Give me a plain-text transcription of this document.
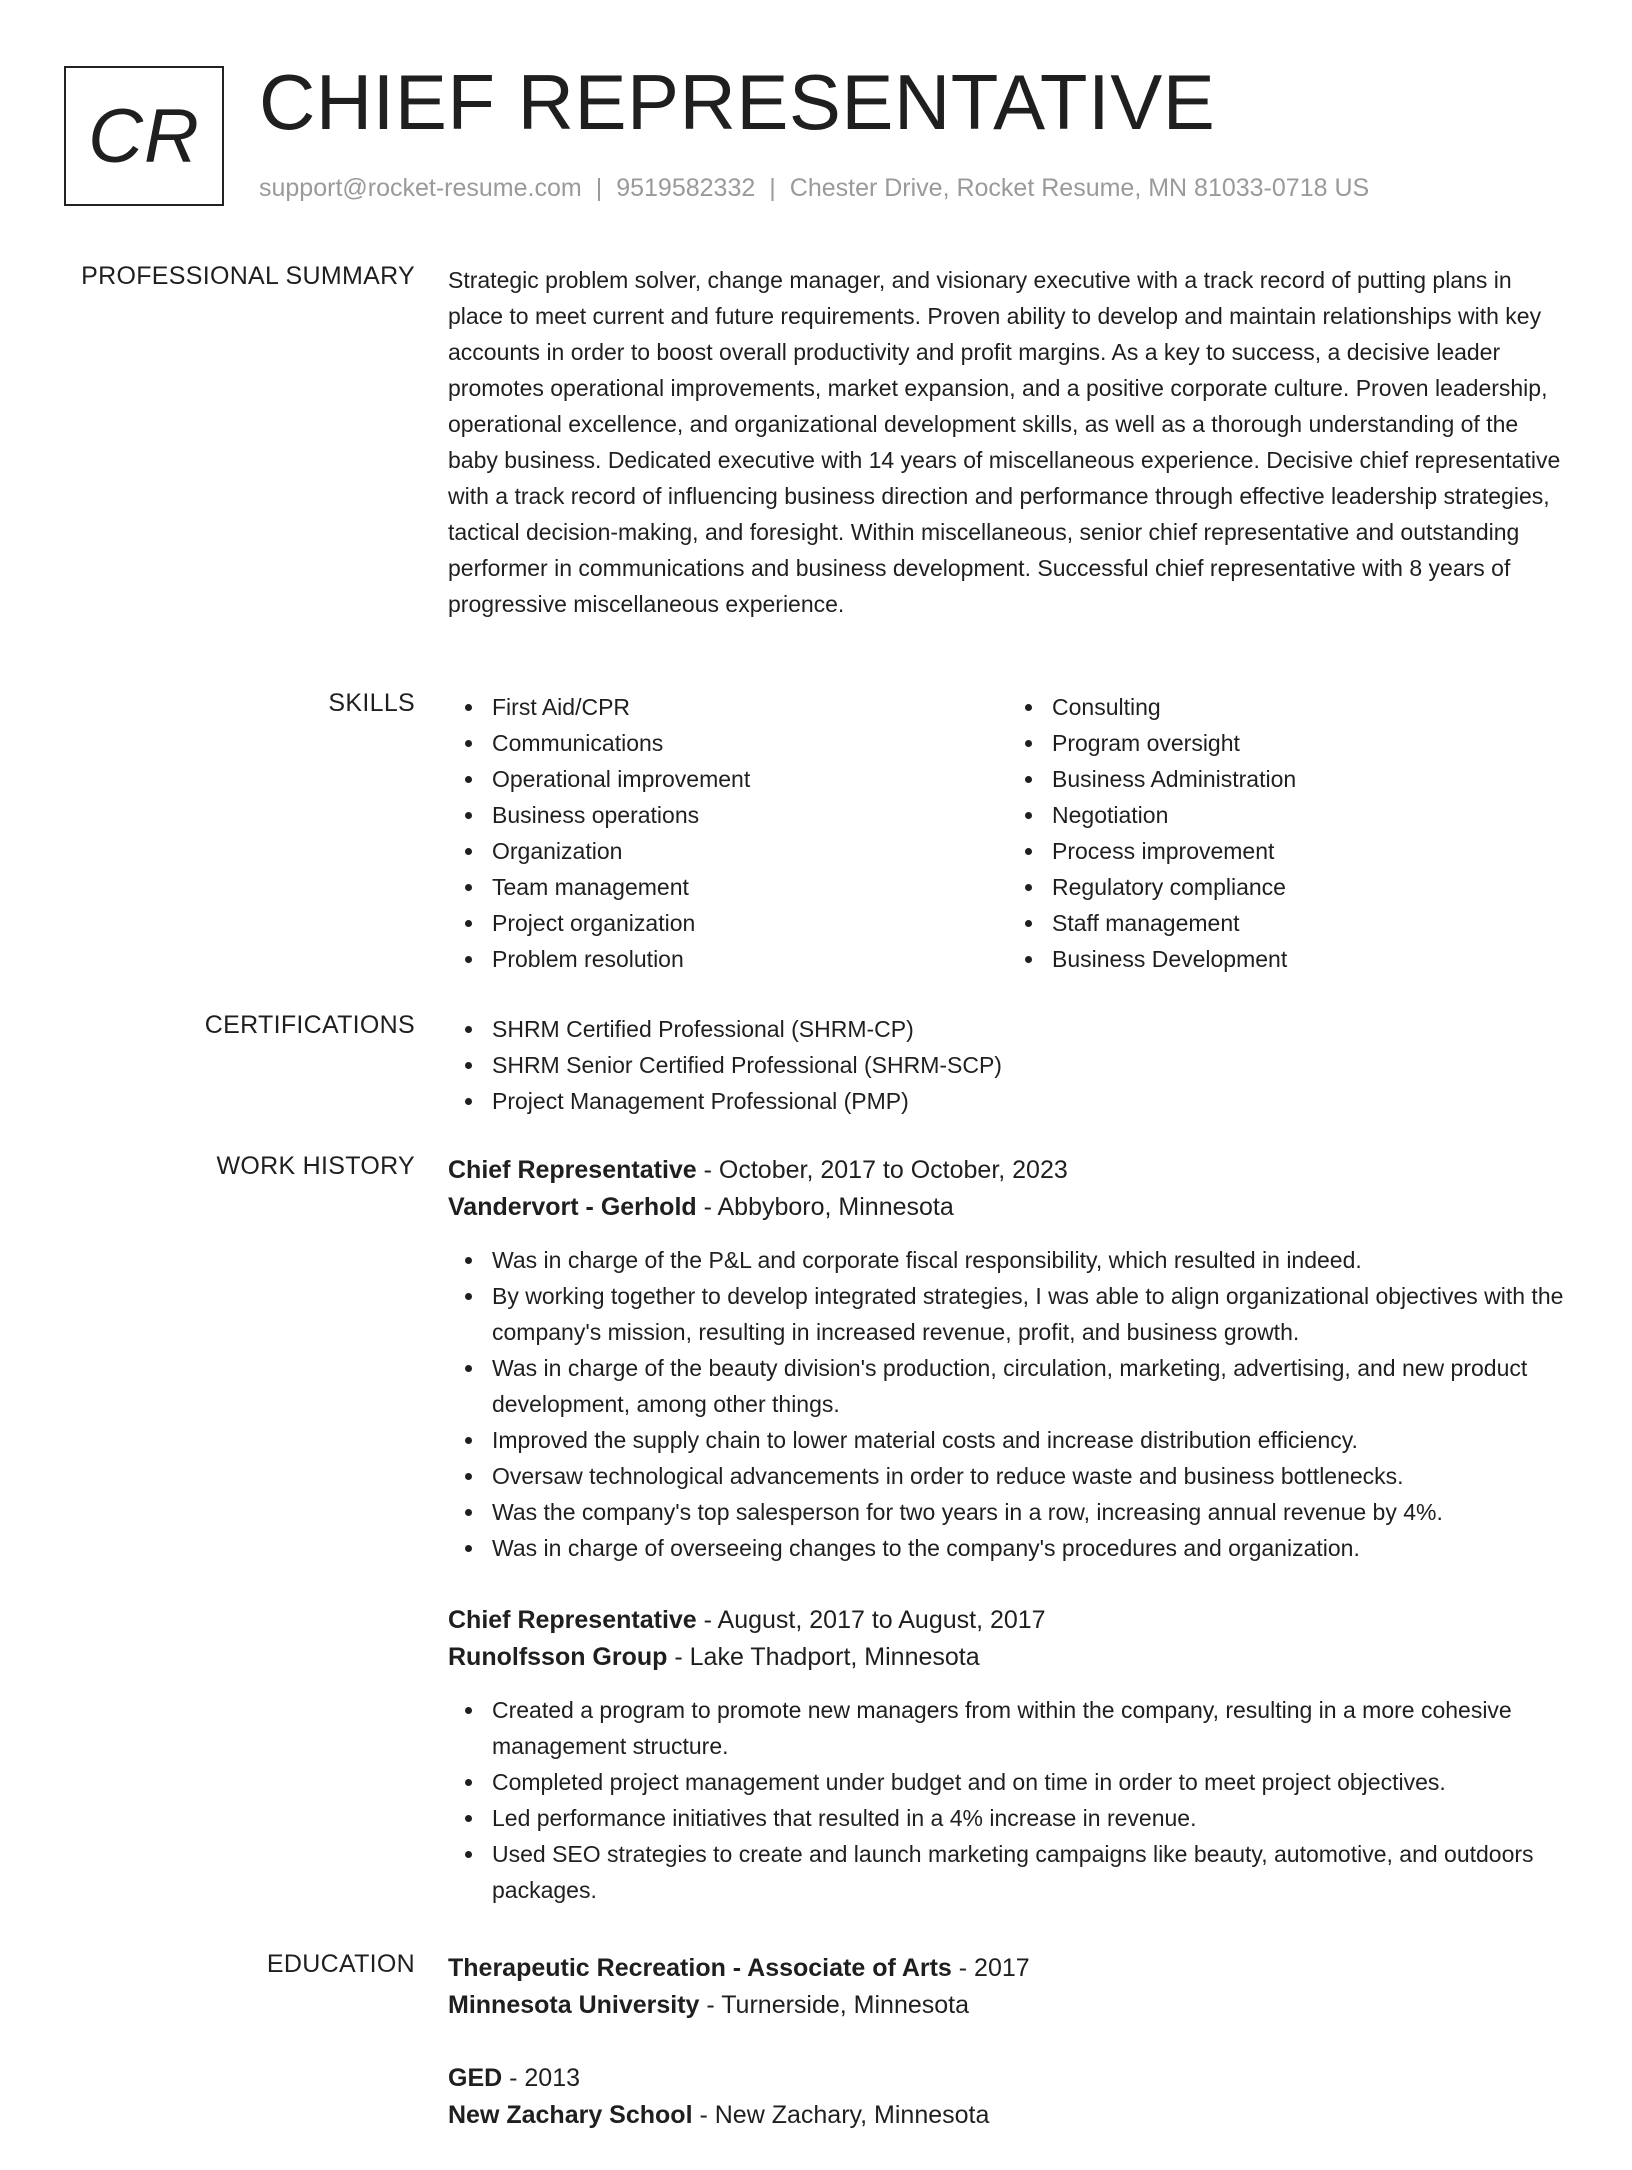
CR CHIEF REPRESENTATIVE
support@rocket-resume.com | 9519582332 | Chester Drive, Rocket Resume, MN 81033-0718 US
PROFESSIONAL SUMMARY Strategic problem solver, change manager, and visionary executive with a track record of putting plans in place to meet current and future requirements. Proven ability to develop and maintain relationships with key accounts in order to boost overall productivity and profit margins. As a key to success, a decisive leader promotes operational improvements, market expansion, and a positive corporate culture. Proven leadership, operational excellence, and organizational development skills, as well as a thorough understanding of the baby business. Dedicated executive with 14 years of miscellaneous experience. Decisive chief representative with a track record of influencing business direction and performance through effective leadership strategies, tactical decision-making, and foresight. Within miscellaneous, senior chief representative and outstanding performer in communications and business development. Successful chief representative with 8 years of progressive miscellaneous experience.

SKILLS	First Aid/CPR
Communications
Operational improvement
Business operations
Organization
Team management
Project organization
Problem resolution
Consulting
Program oversight
Business Administration
Negotiation
Process improvement
Regulatory compliance
Staff management
Business Development
CERTIFICATIONS	SHRM Certified Professional (SHRM-CP)
SHRM Senior Certified Professional (SHRM-SCP)
Project Management Professional (PMP)
WORK HISTORY Chief Representative - October, 2017 to October, 2023
Vandervort - Gerhold - Abbyboro, Minnesota
Was in charge of the P&L and corporate fiscal responsibility, which resulted in indeed.
By working together to develop integrated strategies, I was able to align organizational objectives with the company's mission, resulting in increased revenue, profit, and business growth.
Was in charge of the beauty division's production, circulation, marketing, advertising, and new product development, among other things.
Improved the supply chain to lower material costs and increase distribution efficiency.
Oversaw technological advancements in order to reduce waste and business bottlenecks.
Was the company's top salesperson for two years in a row, increasing annual revenue by 4%.
Was in charge of overseeing changes to the company's procedures and organization.
Chief Representative - August, 2017 to August, 2017
Runolfsson Group - Lake Thadport, Minnesota
Created a program to promote new managers from within the company, resulting in a more cohesive management structure.
Completed project management under budget and on time in order to meet project objectives.
Led performance initiatives that resulted in a 4% increase in revenue.
Used SEO strategies to create and launch marketing campaigns like beauty, automotive, and outdoors packages.
EDUCATION Therapeutic Recreation - Associate of Arts - 2017
Minnesota University - Turnerside, Minnesota
GED - 2013
New Zachary School - New Zachary, Minnesota
